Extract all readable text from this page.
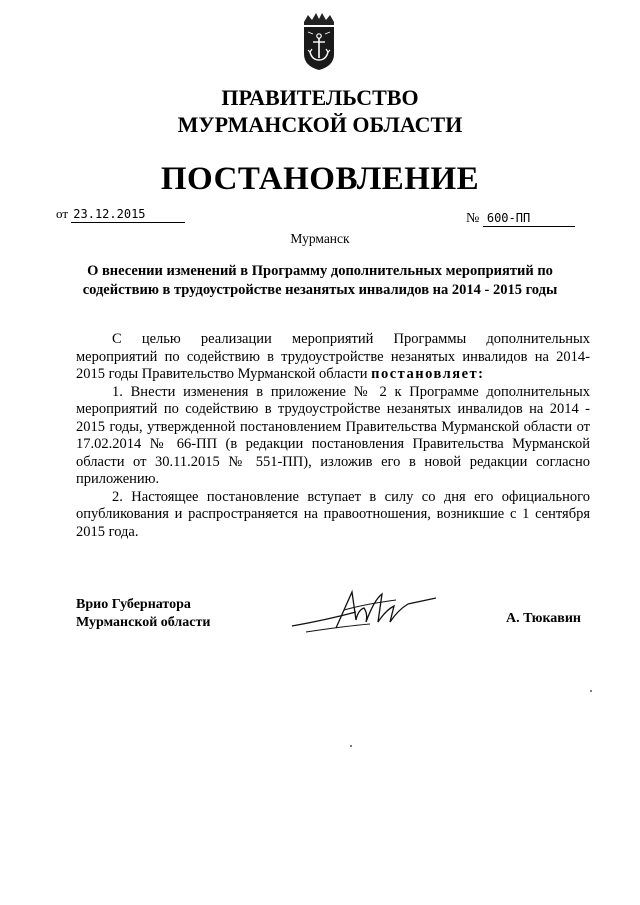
ПРАВИТЕЛЬСТВО
МУРМАНСКОЙ ОБЛАСТИ
ПОСТАНОВЛЕНИЕ
от 23.12.2015	№ 600-ПП
Мурманск
О внесении изменений в Программу дополнительных мероприятий по
содействию в трудоустройстве незанятых инвалидов на 2014 - 2015 годы

С целью реализации мероприятий Программы дополнительных мероприятий по содействию в трудоустройстве незанятых инвалидов на 2014-2015 годы Правительство Мурманской области постановляет:

1. Внести изменения в приложение № 2 к Программе дополнительных мероприятий по содействию в трудоустройстве незанятых инвалидов на 2014 - 2015 годы, утвержденной постановлением Правительства Мурманской области от 17.02.2014 № 66-ПП (в редакции постановления Правительства Мурманской области от 30.11.2015 № 551-ПП), изложив его в новой редакции согласно приложению.

2. Настоящее постановление вступает в силу со дня его официального опубликования и распространяется на правоотношения, возникшие с 1 сентября 2015 года.

Врио Губернатора
Мурманской области	А. Тюкавин
